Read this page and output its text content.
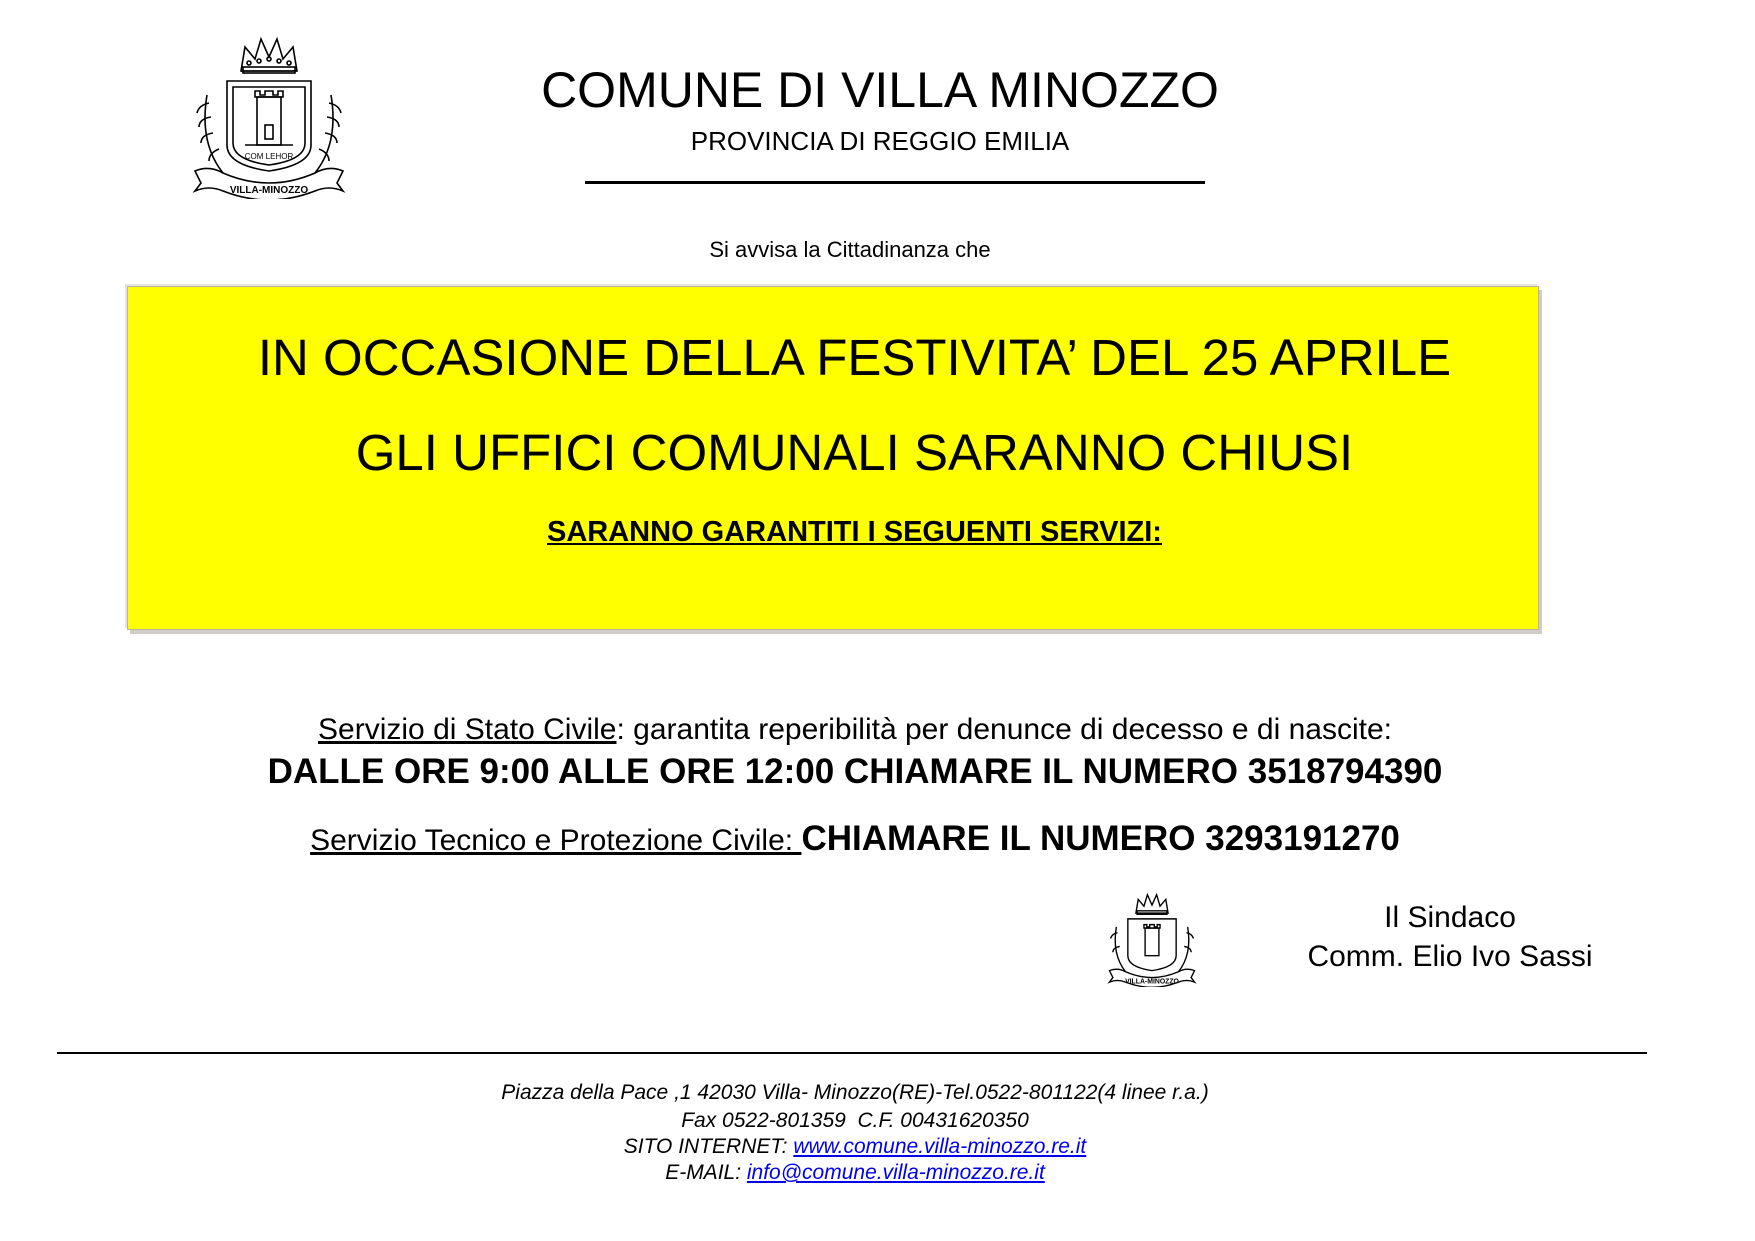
COM LEHOR
VILLA-MINOZZO
COMUNE DI VILLA MINOZZO
PROVINCIA DI REGGIO EMILIA
Si avvisa la Cittadinanza che
IN OCCASIONE DELLA FESTIVITA’ DEL 25 APRILE
GLI UFFICI COMUNALI SARANNO CHIUSI
SARANNO GARANTITI I SEGUENTI SERVIZI:
Servizio di Stato Civile: garantita reperibilità per denunce di decesso e di nascite:
DALLE ORE 9:00 ALLE ORE 12:00 CHIAMARE IL NUMERO 3518794390
Servizio Tecnico e Protezione Civile: CHIAMARE IL NUMERO 3293191270
VILLA-MINOZZO
Il Sindaco
Comm. Elio Ivo Sassi
Piazza della Pace ,1 42030 Villa- Minozzo(RE)-Tel.0522-801122(4 linee r.a.)
Fax 0522-801359  C.F. 00431620350
SITO INTERNET: www.comune.villa-minozzo.re.it
E-MAIL: info@comune.villa-minozzo.re.it
